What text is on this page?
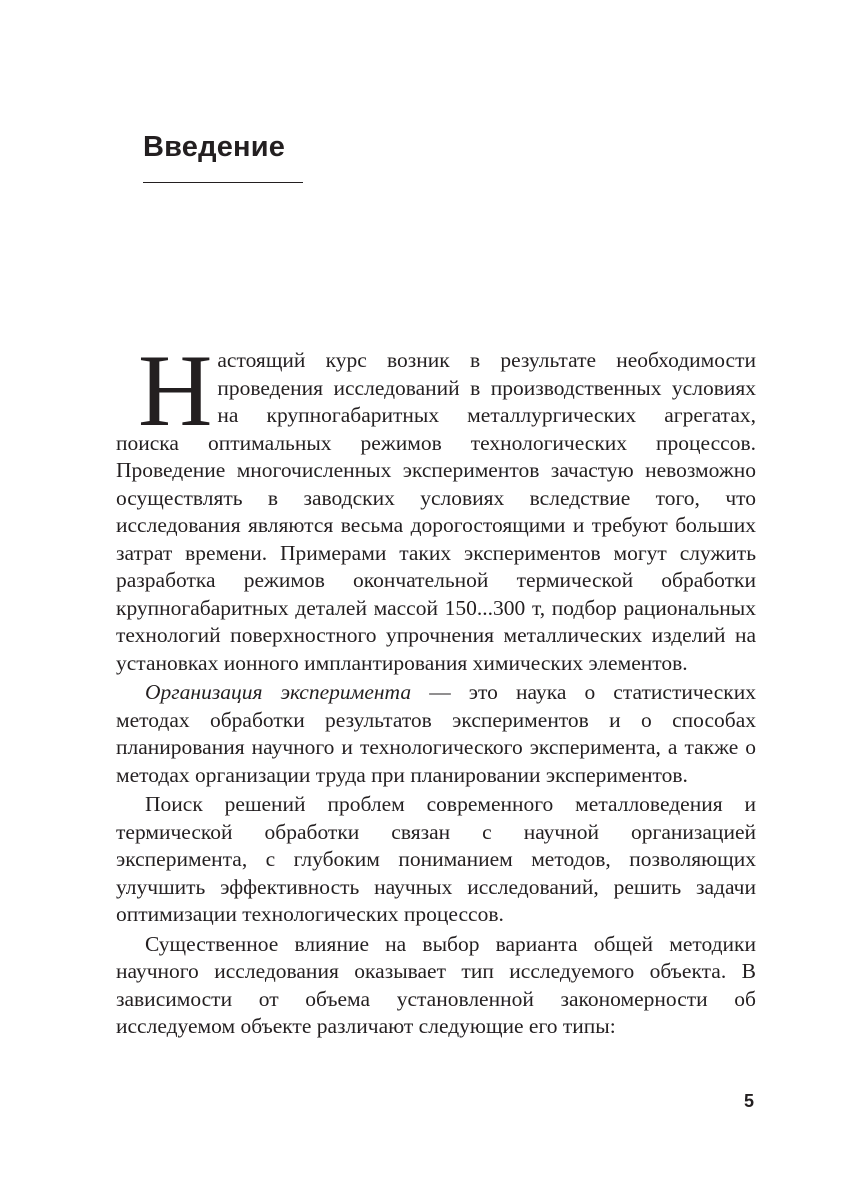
Введение

Настоящий курс возник в результате необходимости проведения исследований в производственных условиях на крупногабаритных металлургических агрегатах, поиска оптимальных режимов технологических процессов. Проведение многочисленных экспериментов зачастую невозможно осуществлять в заводских условиях вследствие того, что исследования являются весьма дорогостоящими и требуют больших затрат времени. Примерами таких экспериментов могут служить разработка режимов окончательной термической обработки крупногабаритных деталей массой 150...300 т, подбор рациональных технологий поверхностного упрочнения металлических изделий на установках ионного имплантирования химических элементов.

Организация эксперимента — это наука о статистических методах обработки результатов экспериментов и о способах планирования научного и технологического эксперимента, а также о методах организации труда при планировании экспериментов.

Поиск решений проблем современного металловедения и термической обработки связан с научной организацией эксперимента, с глубоким пониманием методов, позволяющих улучшить эффективность научных исследований, решить задачи оптимизации технологических процессов.

Существенное влияние на выбор варианта общей методики научного исследования оказывает тип исследуемого объекта. В зависимости от объема установленной закономерности об исследуемом объекте различают следующие его типы:

5
